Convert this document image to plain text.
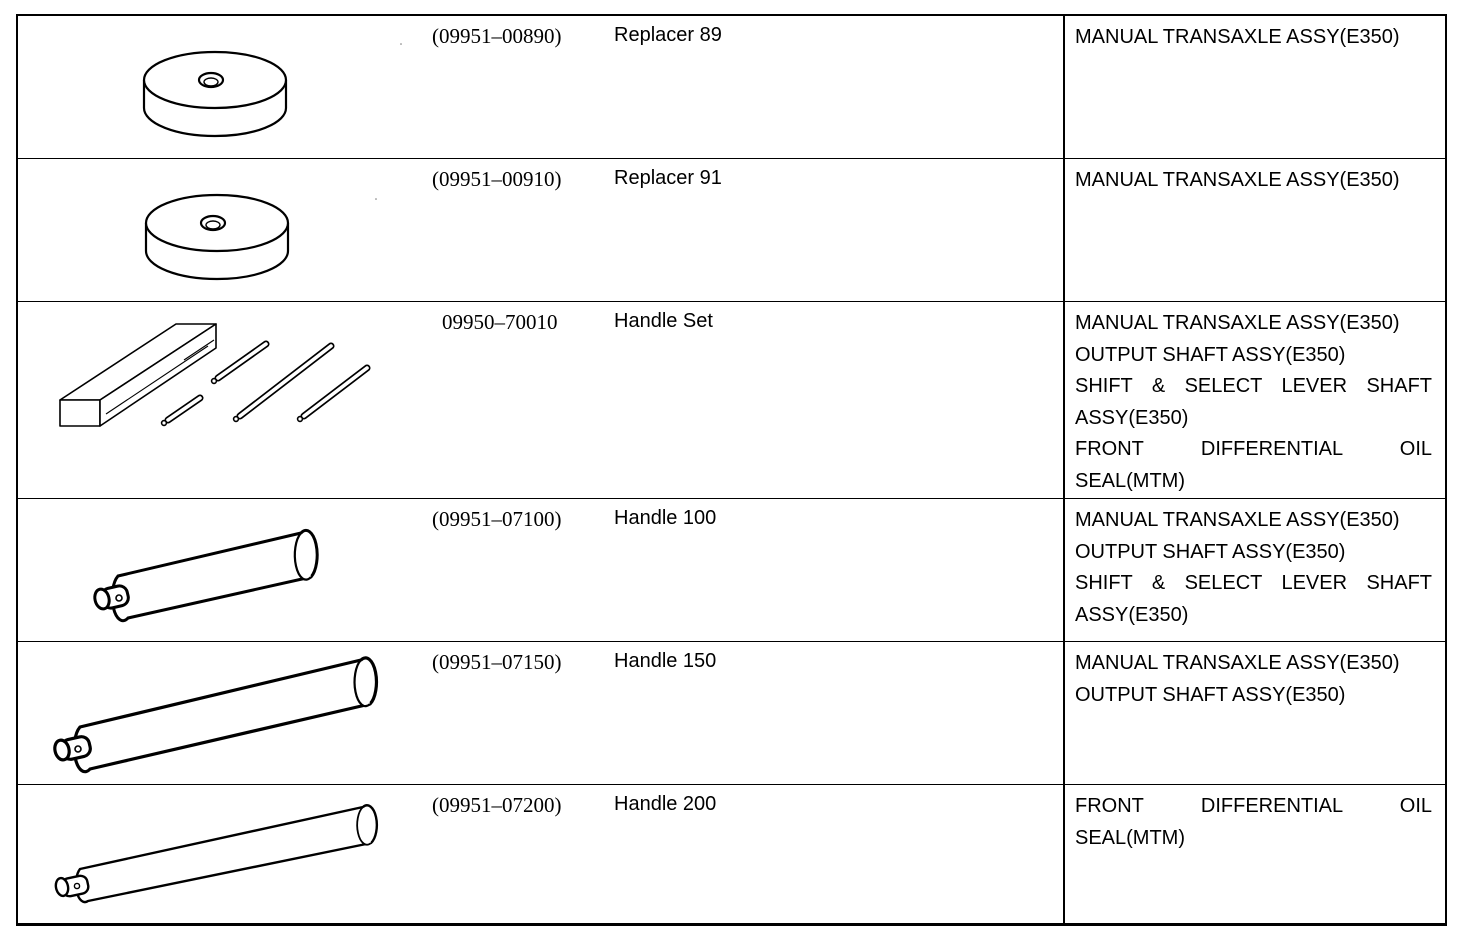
(09951–00890)	Replacer 89	MANUAL TRANSAXLE ASSY(E350)
(09951–00910)	Replacer 91	MANUAL TRANSAXLE ASSY(E350)
09950–70010	Handle Set	MANUAL TRANSAXLE ASSY(E350)
OUTPUT SHAFT ASSY(E350)
SHIFT & SELECT LEVER SHAFT ASSY(E350)
FRONT DIFFERENTIAL OIL SEAL(MTM)
(09951–07100)	Handle 100	MANUAL TRANSAXLE ASSY(E350)
OUTPUT SHAFT ASSY(E350)
SHIFT & SELECT LEVER SHAFT ASSY(E350)
(09951–07150)	Handle 150	MANUAL TRANSAXLE ASSY(E350)
OUTPUT SHAFT ASSY(E350)
(09951–07200)	Handle 200	FRONT DIFFERENTIAL OIL SEAL(MTM)
